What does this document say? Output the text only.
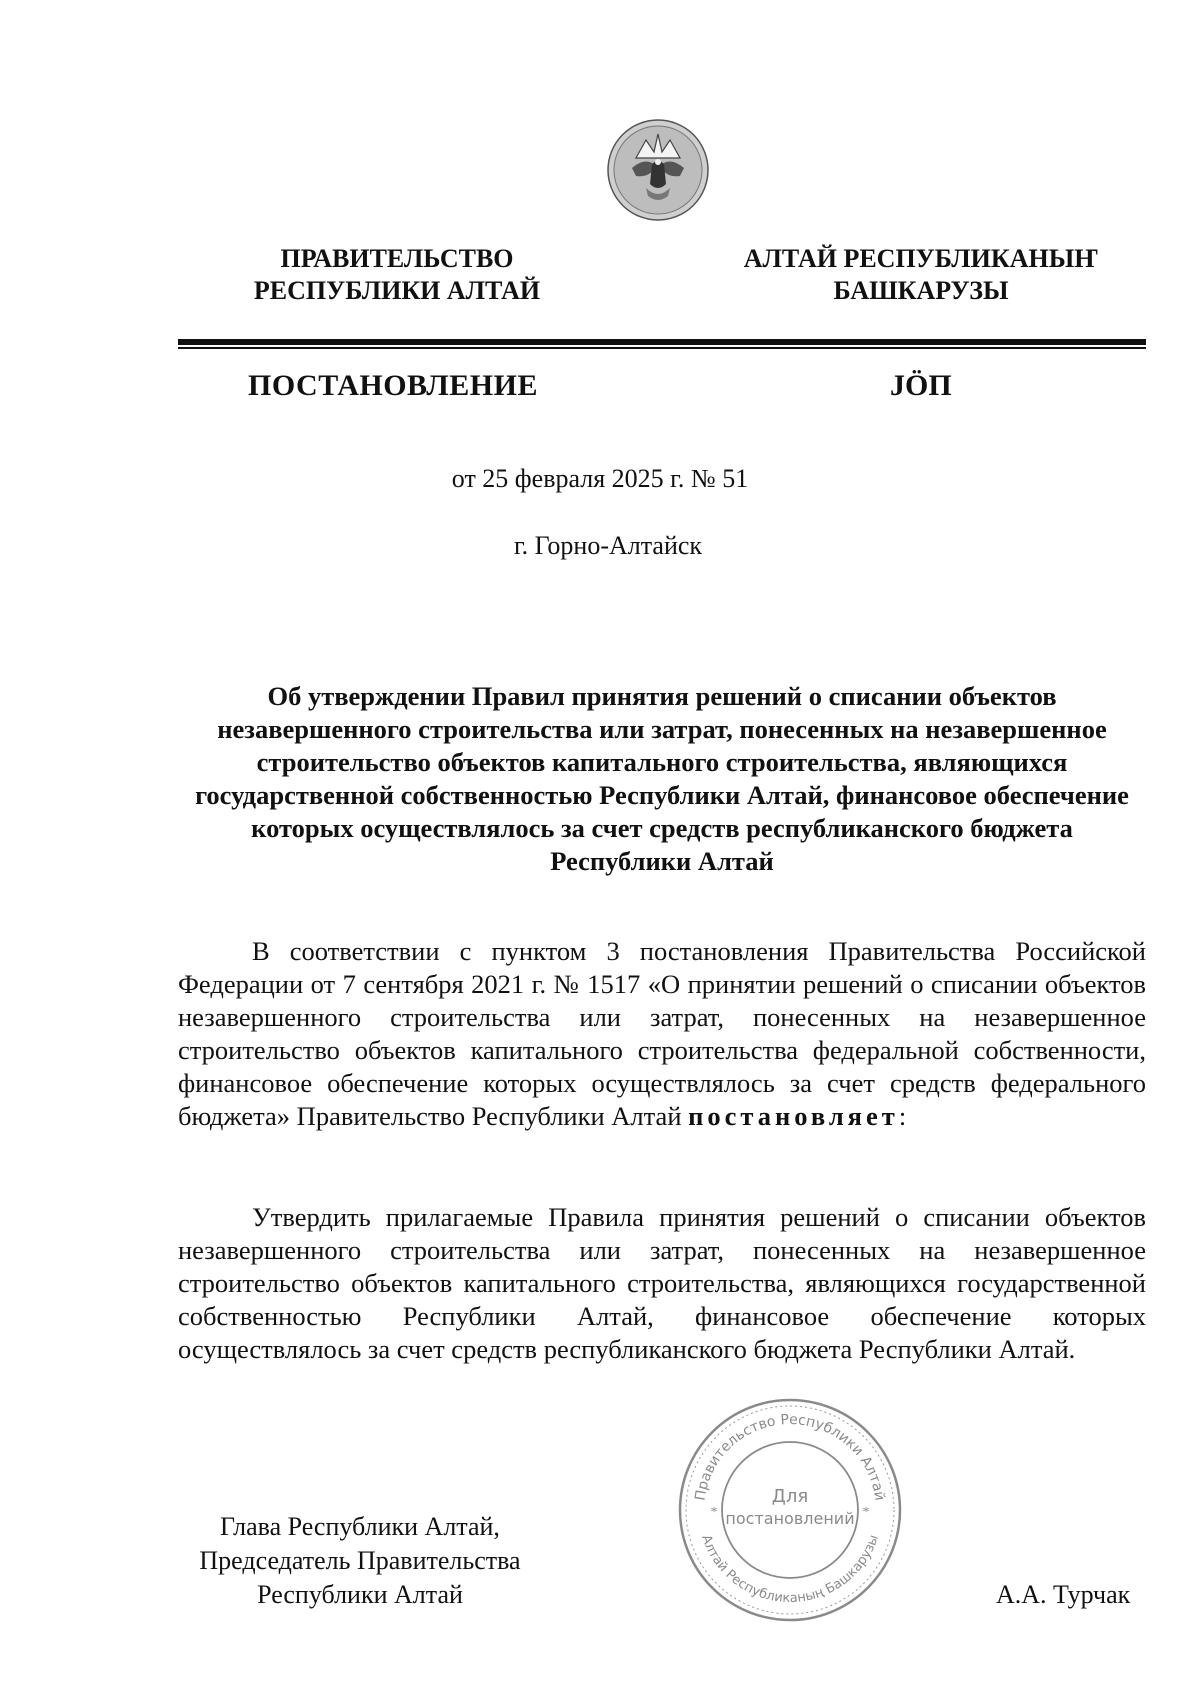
ПРАВИТЕЛЬСТВО
РЕСПУБЛИКИ АЛТАЙ
АЛТАЙ РЕСПУБЛИКАНЫҤ
БАШКАРУЗЫ
ПОСТАНОВЛЕНИЕ	JÖП
от 25 февраля 2025 г. № 51
г. Горно-Алтайск
Об утверждении Правил принятия решений о списании объектов незавершенного строительства или затрат, понесенных на незавершенное строительство объектов капитального строительства, являющихся государственной собственностью Республики Алтай, финансовое обеспечение которых осуществлялось за счет средств республиканского бюджета Республики Алтай

В соответствии с пунктом 3 постановления Правительства Российской Федерации от 7 сентября 2021 г. № 1517 «О принятии решений о списании объектов незавершенного строительства или затрат, понесенных на незавершенное строительство объектов капитального строительства федеральной собственности, финансовое обеспечение которых осуществлялось за счет средств федерального бюджета» Правительство Республики Алтай постановляет:

Утвердить прилагаемые Правила принятия решений о списании объектов незавершенного строительства или затрат, понесенных на незавершенное строительство объектов капитального строительства, являющихся государственной собственностью Республики Алтай, финансовое обеспечение которых осуществлялось за счет средств республиканского бюджета Республики Алтай.

Правительство Республики Алтай
Алтай Республиканың Башкарузы
Для
постановлений
*	*
Глава Республики Алтай,
Председатель Правительства
Республики Алтай	А.А. Турчак
